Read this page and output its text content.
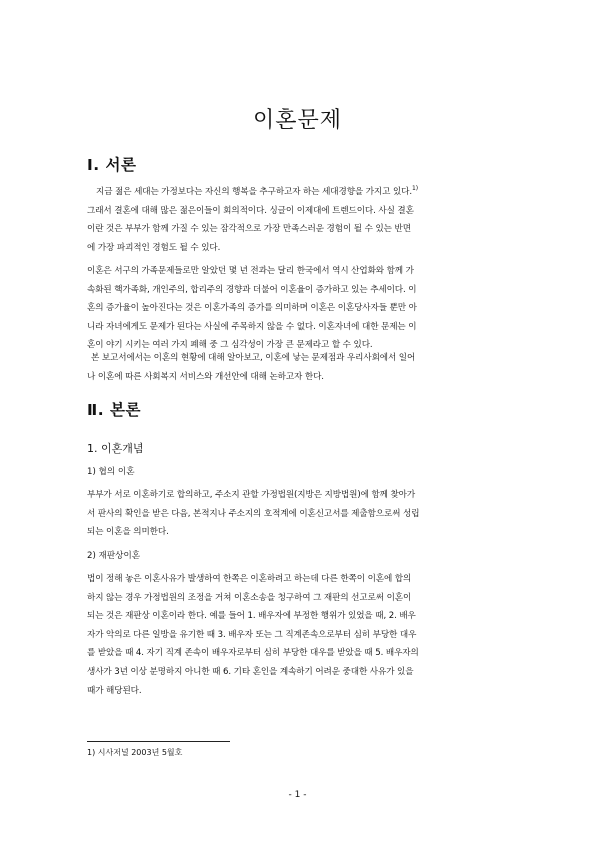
이혼문제
Ⅰ. 서론
지금 젊은 세대는 가정보다는 자신의 행복을 추구하고자 하는 세대경향을 가지고 있다.$^{1)}$
그래서 결혼에 대해 많은 젊은이들이 회의적이다. 싱글이 이제대에 트렌드이다. 사실 결혼
이란 것은 부부가 함께 가질 수 있는 잠각적으로 가장 만족스러운 경험이 될 수 있는 반면
에 가장 파괴적인 경험도 될 수 있다.
이혼은 서구의 가족문제들로만 알았던 몇 년 전과는 달리 한국에서 역시 산업화와 함께 가
속화된 핵가족화, 개인주의, 합리주의 경향과 더불어 이혼율이 증가하고 있는 추세이다. 이
혼의 증가율이 높아진다는 것은 이혼가족의 증가를 의미하며 이혼은 이혼당사자들 뿐만 아
니라 자녀에게도 문제가 된다는 사실에 주목하지 않을 수 없다. 이혼자녀에 대한 문제는 이
혼이 야기 시키는 여러 가지 폐해 중 그 심각성이 가장 큰 문제라고 할 수 있다.
본 보고서에서는 이혼의 현황에 대해 알아보고, 이혼에 낳는 문제점과 우리사회에서 일어
나 이혼에 따른 사회복지 서비스와 개선안에 대해 논하고자 한다.
Ⅱ. 본론
1. 이혼개념
1) 협의 이혼
부부가 서로 이혼하기로 합의하고, 주소지 관할 가정법원(지방은 지방법원)에 함께 찾아가
서 판사의 확인을 받은 다음, 본적지나 주소지의 호적계에 이혼신고서를 제출함으로써 성립
되는 이혼을 의미한다.
2) 재판상이혼
법이 정해 놓은 이혼사유가 발생하여 한쪽은 이혼하려고 하는데 다른 한쪽이 이혼에 합의
하지 않는 경우 가정법원의 조정을 거쳐 이혼소송을 청구하여 그 재판의 선고로써 이혼이
되는 것은 재판상 이혼이라 한다. 예를 들어 1. 배우자에 부정한 행위가 있었을 때, 2. 배우
자가 악의로 다른 일방을 유기한 때 3. 배우자 또는 그 직계존속으로부터 심히 부당한 대우
를 받았을 때 4. 자기 직계 존속이 배우자로부터 심히 부당한 대우를 받았을 때 5. 배우자의
생사가 3년 이상 분명하지 아니한 때 6. 기타 혼인을 계속하기 어려운 중대한 사유가 있을
때가 해당된다.
1) 시사저널 2003년 5월호
- 1 -
